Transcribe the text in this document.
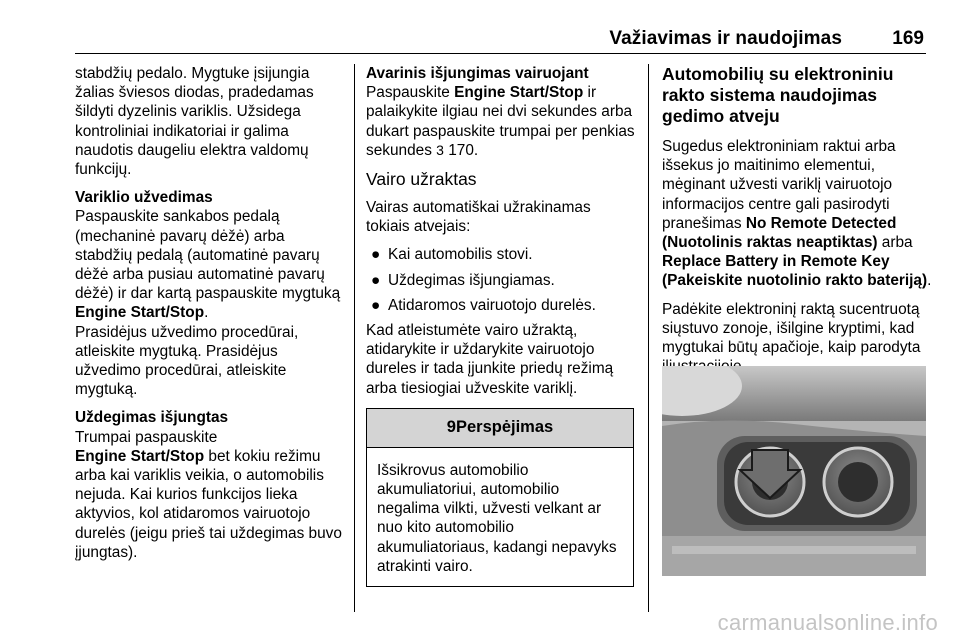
Važiavimas ir naudojimas	169

stabdžių pedalo. Mygtuke įsijungia žalias šviesos diodas, pradedamas šildyti dyzelinis variklis. Užsidega kontroliniai indikatoriai ir galima naudotis daugeliu elektra valdomų funkcijų.

Variklio užvedimas

Paspauskite sankabos pedalą (mechaninė pavarų dėžė) arba stabdžių pedalą (automatinė pavarų dėžė arba pusiau automatinė pavarų dėžė) ir dar kartą paspauskite mygtuką Engine Start/Stop.

Prasidėjus užvedimo procedūrai, atleiskite mygtuką. Prasidėjus užvedimo procedūrai, atleiskite mygtuką.

Uždegimas išjungtas

Trumpai paspauskite
Engine Start/Stop bet kokiu režimu arba kai variklis veikia, o automobilis nejuda. Kai kurios funkcijos lieka aktyvios, kol atidaromos vairuotojo durelės (jeigu prieš tai uždegimas buvo įjungtas).

Avarinis išjungimas vairuojant

Paspauskite Engine Start/Stop ir palaikykite ilgiau nei dvi sekundes arba dukart paspauskite trumpai per penkias sekundes 3 170.

Vairo užraktas

Vairas automatiškai užrakinamas tokiais atvejais:

● Kai automobilis stovi.
● Uždegimas išjungiamas.
● Atidaromos vairuotojo durelės.

Kad atleistumėte vairo užraktą, atidarykite ir uždarykite vairuotojo dureles ir tada įjunkite priedų režimą arba tiesiogiai užveskite variklį.

9Perspėjimas
Išsikrovus automobilio akumuliatoriui, automobilio negalima vilkti, užvesti velkant ar nuo kito automobilio akumuliatoriaus, kadangi nepavyks atrakinti vairo.
Automobilių su elektroniniu rakto sistema naudojimas gedimo atveju

Sugedus elektroniniam raktui arba išsekus jo maitinimo elementui, mėginant užvesti variklį vairuotojo informacijos centre gali pasirodyti pranešimas No Remote Detected (Nuotolinis raktas neaptiktas) arba Replace Battery in Remote Key (Pakeiskite nuotolinio rakto bateriją).

Padėkite elektroninį raktą sucentruotą siųstuvo zonoje, išilgine kryptimi, kad mygtukai būtų apačioje, kaip parodyta

carmanualsonline.info
